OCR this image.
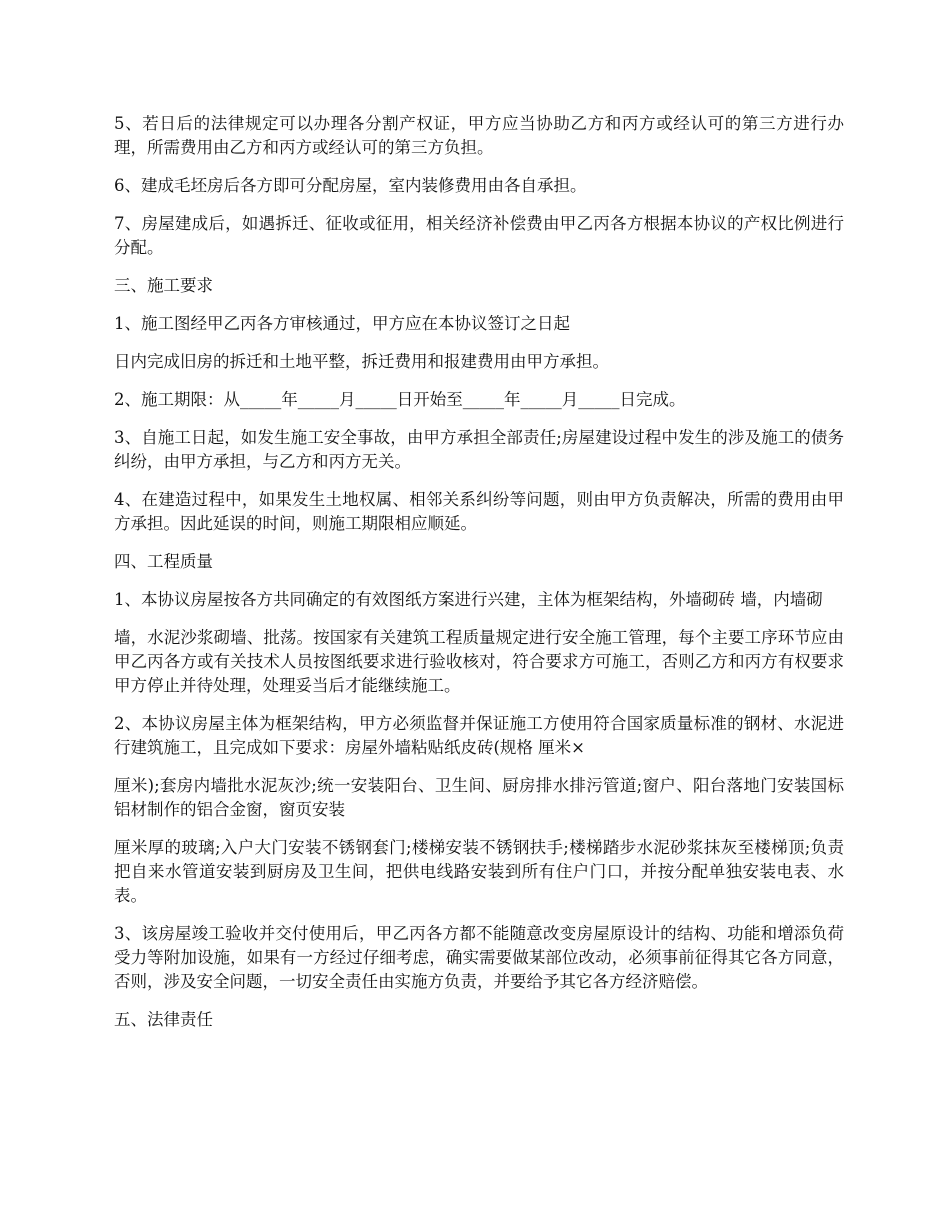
5、若日后的法律规定可以办理各分割产权证，甲方应当协助乙方和丙方或经认可的第三方进行办理，所需费用由乙方和丙方或经认可的第三方负担。

6、建成毛坯房后各方即可分配房屋，室内装修费用由各自承担。

7、房屋建成后，如遇拆迁、征收或征用，相关经济补偿费由甲乙丙各方根据本协议的产权比例进行分配。

三、施工要求

1、施工图经甲乙丙各方审核通过，甲方应在本协议签订之日起

日内完成旧房的拆迁和土地平整，拆迁费用和报建费用由甲方承担。

2、施工期限：从_____年_____月_____日开始至_____年_____月_____日完成。

3、自施工日起，如发生施工安全事故，由甲方承担全部责任;房屋建设过程中发生的涉及施工的债务纠纷，由甲方承担，与乙方和丙方无关。

4、在建造过程中，如果发生土地权属、相邻关系纠纷等问题，则由甲方负责解决，所需的费用由甲方承担。因此延误的时间，则施工期限相应顺延。

四、工程质量

1、本协议房屋按各方共同确定的有效图纸方案进行兴建，主体为框架结构，外墙砌砖 墙，内墙砌

墙，水泥沙浆砌墙、批荡。按国家有关建筑工程质量规定进行安全施工管理，每个主要工序环节应由甲乙丙各方或有关技术人员按图纸要求进行验收核对，符合要求方可施工，否则乙方和丙方有权要求甲方停止并待处理，处理妥当后才能继续施工。

2、本协议房屋主体为框架结构，甲方必须监督并保证施工方使用符合国家质量标准的钢材、水泥进行建筑施工，且完成如下要求：房屋外墙粘贴纸皮砖(规格 厘米×

厘米);套房内墙批水泥灰沙;统一安装阳台、卫生间、厨房排水排污管道;窗户、阳台落地门安装国标铝材制作的铝合金窗，窗页安装

厘米厚的玻璃;入户大门安装不锈钢套门;楼梯安装不锈钢扶手;楼梯踏步水泥砂浆抹灰至楼梯顶;负责把自来水管道安装到厨房及卫生间，把供电线路安装到所有住户门口，并按分配单独安装电表、水表。

3、该房屋竣工验收并交付使用后，甲乙丙各方都不能随意改变房屋原设计的结构、功能和增添负荷受力等附加设施，如果有一方经过仔细考虑，确实需要做某部位改动，必须事前征得其它各方同意，否则，涉及安全问题，一切安全责任由实施方负责，并要给予其它各方经济赔偿。

五、法律责任
